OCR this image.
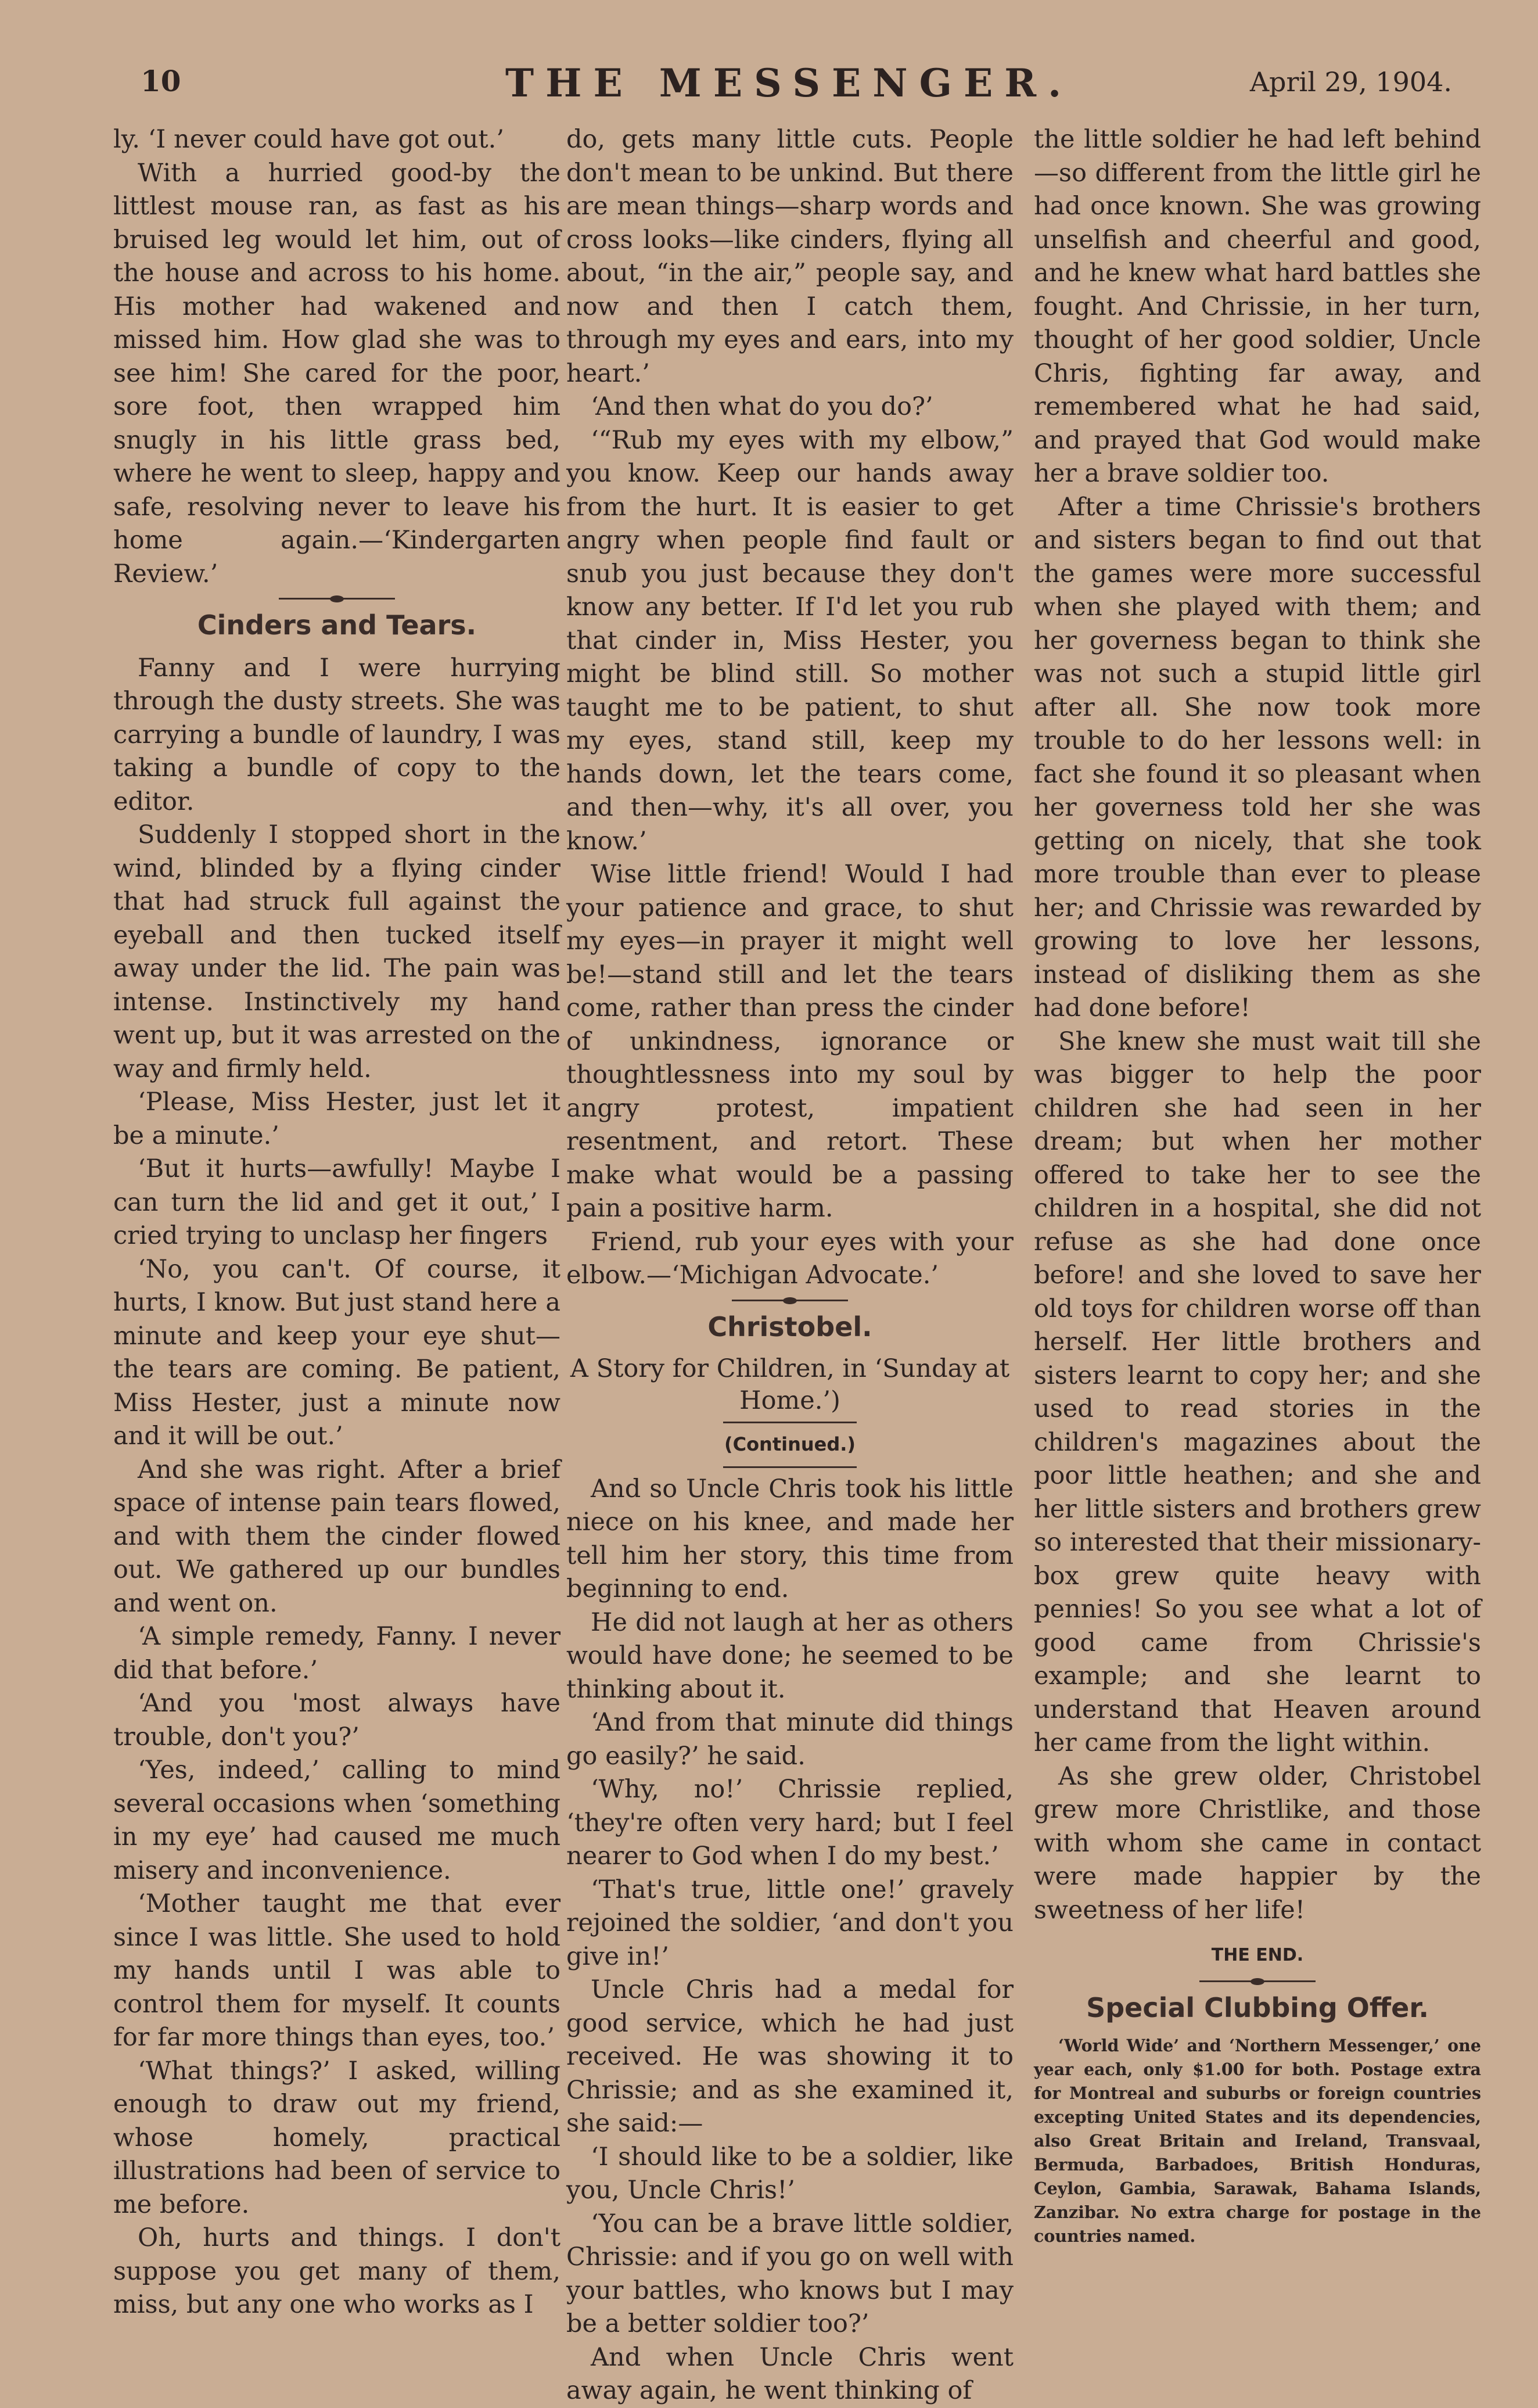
10	THE MESSENGER.	April 29, 1904.

ly. ‘I never could have got out.’

With a hurried good-by the littlest mouse ran, as fast as his bruised leg would let him, out of the house and across to his home. His mother had wakened and missed him. How glad she was to see him! She cared for the poor, sore foot, then wrapped him snugly in his little grass bed, where he went to sleep, happy and safe, resolving never to leave his home again.—‘Kindergarten Review.’

Cinders and Tears.

Fanny and I were hurrying through the dusty streets. She was carrying a bundle of laundry, I was taking a bundle of copy to the editor.

Suddenly I stopped short in the wind, blinded by a flying cinder that had struck full against the eyeball and then tucked itself away under the lid. The pain was intense. Instinctively my hand went up, but it was arrested on the way and firmly held.

‘Please, Miss Hester, just let it be a minute.’

‘But it hurts—awfully! Maybe I can turn the lid and get it out,’ I cried trying to unclasp her fingers

‘No, you can't. Of course, it hurts, I know. But just stand here a minute and keep your eye shut—the tears are coming. Be patient, Miss Hester, just a minute now and it will be out.’

And she was right. After a brief space of intense pain tears flowed, and with them the cinder flowed out. We gathered up our bundles and went on.

‘A simple remedy, Fanny. I never did that before.’

‘And you 'most always have trouble, don't you?’

‘Yes, indeed,’ calling to mind several occasions when ‘something in my eye’ had caused me much misery and inconvenience.

‘Mother taught me that ever since I was little. She used to hold my hands until I was able to control them for myself. It counts for far more things than eyes, too.’

‘What things?’ I asked, willing enough to draw out my friend, whose homely, practical illustrations had been of service to me before.

Oh, hurts and things. I don't suppose you get many of them, miss, but any one who works as I

do, gets many little cuts. People don't mean to be unkind. But there are mean things—sharp words and cross looks—like cinders, flying all about, “in the air,” people say, and now and then I catch them, through my eyes and ears, into my heart.’

‘And then what do you do?’

‘“Rub my eyes with my elbow,” you know. Keep our hands away from the hurt. It is easier to get angry when people find fault or snub you just because they don't know any better. If I'd let you rub that cinder in, Miss Hester, you might be blind still. So mother taught me to be patient, to shut my eyes, stand still, keep my hands down, let the tears come, and then—why, it's all over, you know.’

Wise little friend! Would I had your patience and grace, to shut my eyes—in prayer it might well be!—stand still and let the tears come, rather than press the cinder of unkindness, ignorance or thoughtlessness into my soul by angry protest, impatient resentment, and retort. These make what would be a passing pain a positive harm.

Friend, rub your eyes with your elbow.—‘Michigan Advocate.’

Christobel.
A Story for Children, in ‘Sunday at Home.’)
(Continued.)

And so Uncle Chris took his little niece on his knee, and made her tell him her story, this time from beginning to end.

He did not laugh at her as others would have done; he seemed to be thinking about it.

‘And from that minute did things go easily?’ he said.

‘Why, no!’ Chrissie replied, ‘they're often very hard; but I feel nearer to God when I do my best.’

‘That's true, little one!’ gravely rejoined the soldier, ‘and don't you give in!’

Uncle Chris had a medal for good service, which he had just received. He was showing it to Chrissie; and as she examined it, she said:—

‘I should like to be a soldier, like you, Uncle Chris!’

‘You can be a brave little soldier, Chrissie: and if you go on well with your battles, who knows but I may be a better soldier too?’

And when Uncle Chris went away again, he went thinking of

the little soldier he had left behind—so different from the little girl he had once known. She was growing unselfish and cheerful and good, and he knew what hard battles she fought. And Chrissie, in her turn, thought of her good soldier, Uncle Chris, fighting far away, and remembered what he had said, and prayed that God would make her a brave soldier too.

After a time Chrissie's brothers and sisters began to find out that the games were more successful when she played with them; and her governess began to think she was not such a stupid little girl after all. She now took more trouble to do her lessons well: in fact she found it so pleasant when her governess told her she was getting on nicely, that she took more trouble than ever to please her; and Chrissie was rewarded by growing to love her lessons, instead of disliking them as she had done before!

She knew she must wait till she was bigger to help the poor children she had seen in her dream; but when her mother offered to take her to see the children in a hospital, she did not refuse as she had done once before! and she loved to save her old toys for children worse off than herself. Her little brothers and sisters learnt to copy her; and she used to read stories in the children's magazines about the poor little heathen; and she and her little sisters and brothers grew so interested that their missionary-box grew quite heavy with pennies! So you see what a lot of good came from Chrissie's example; and she learnt to understand that Heaven around her came from the light within.

As she grew older, Christobel grew more Christlike, and those with whom she came in contact were made happier by the sweetness of her life!

THE END.
Special Clubbing Offer.

‘World Wide’ and ‘Northern Messenger,’ one year each, only $1.00 for both. Postage extra for Montreal and suburbs or foreign countries excepting United States and its dependencies, also Great Britain and Ireland, Transvaal, Bermuda, Barbadoes, British Honduras, Ceylon, Gambia, Sarawak, Bahama Islands, Zanzibar. No extra charge for postage in the countries named.
